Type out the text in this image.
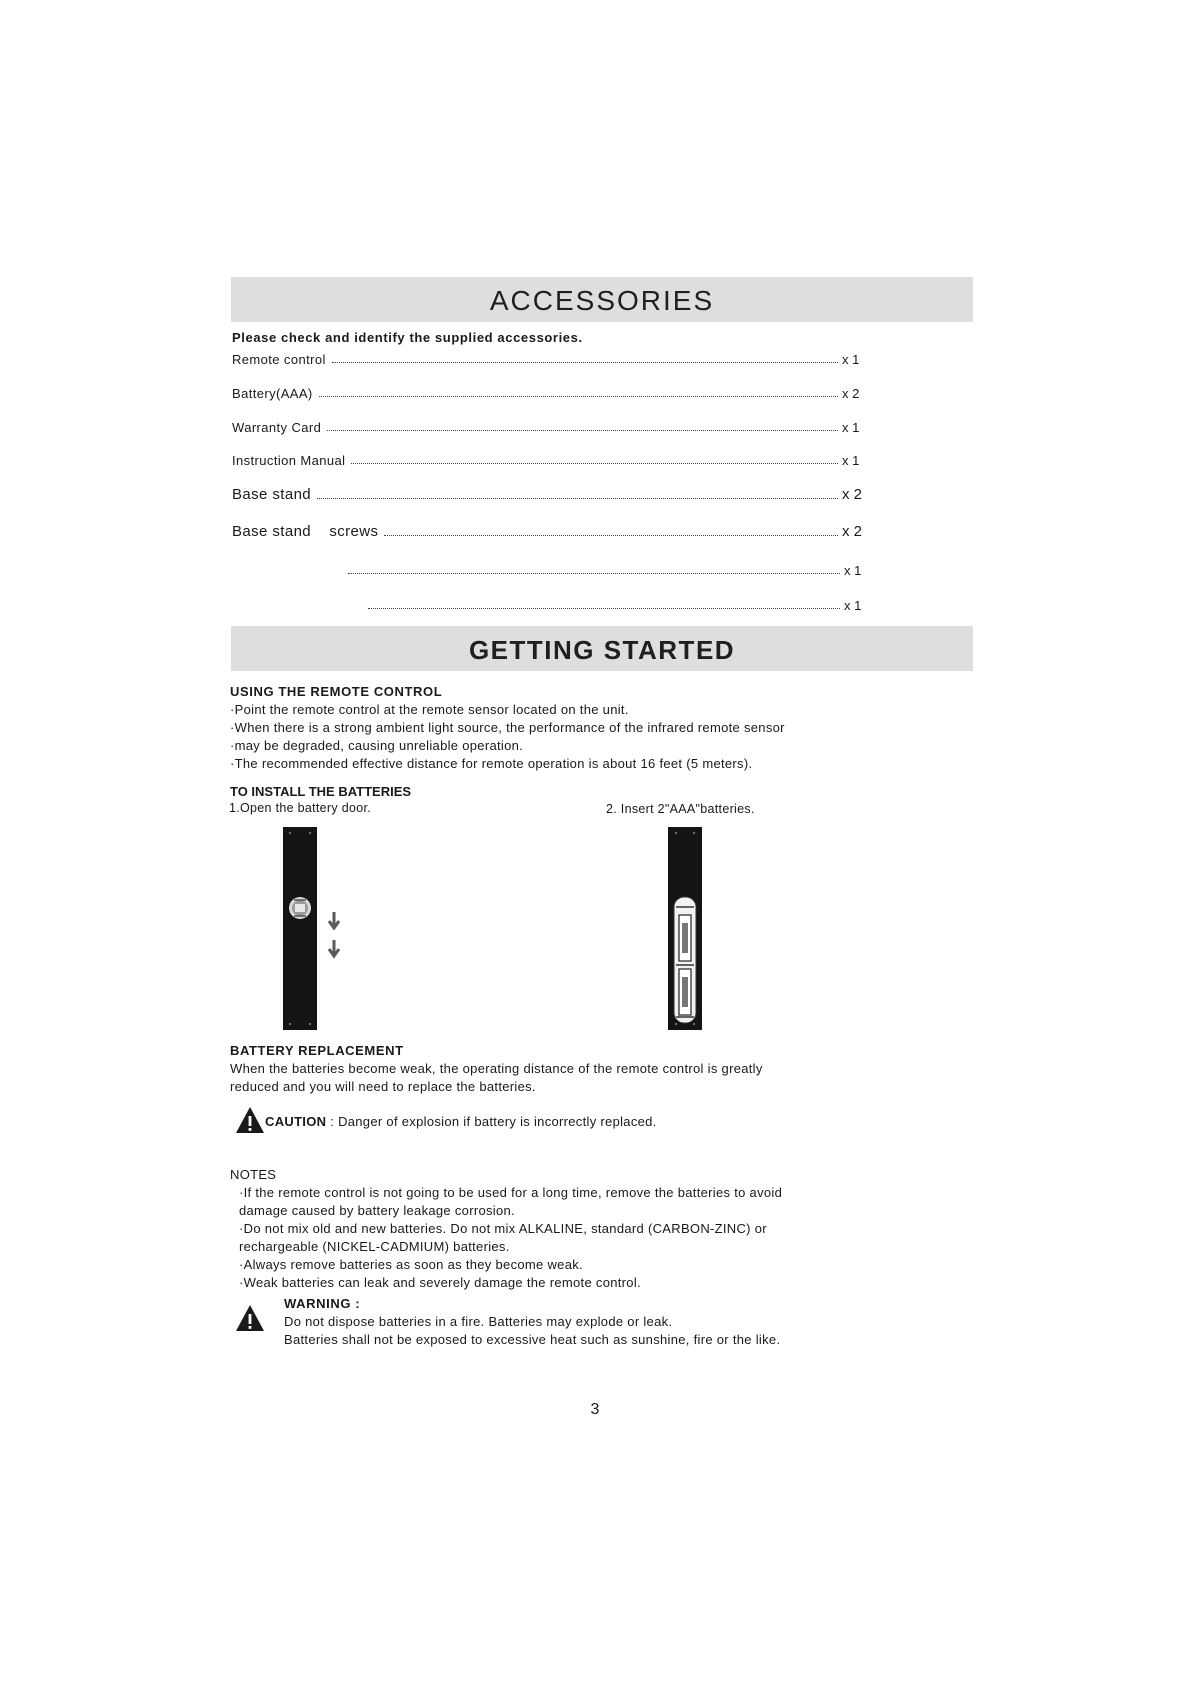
ACCESSORIES
Please check and identify the supplied accessories.
Remote control	x 1
Battery(AAA)	x 2
Warranty Card	x 1
Instruction Manual	x 1
Base stand	x 2
Base stand    screws	x 2
x 1
x 1
GETTING STARTED
USING THE REMOTE CONTROL
·Point the remote control at the remote sensor located on the unit.
·When there is a strong ambient light source, the performance of the infrared remote sensor
·may be degraded, causing unreliable operation.
·The recommended effective distance for remote operation is about 16 feet (5 meters).
TO INSTALL THE BATTERIES
1.Open the battery door.	2. Insert 2"AAA"batteries.
BATTERY REPLACEMENT
When the batteries become weak, the operating distance of the remote control is greatly
reduced and you will need to replace the batteries.
CAUTION : Danger of explosion if battery is incorrectly replaced.
NOTES
·If the remote control is not going to be used for a long time, remove the batteries to avoid
damage caused by battery leakage corrosion.
·Do not mix old and new batteries. Do not mix ALKALINE, standard (CARBON-ZINC) or
rechargeable (NICKEL-CADMIUM) batteries.
·Always remove batteries as soon as they become weak.
·Weak batteries can leak and severely damage the remote control.
WARNING :
Do not dispose batteries in a fire. Batteries may explode or leak.
Batteries shall not be exposed to excessive heat such as sunshine, fire or the like.
3
